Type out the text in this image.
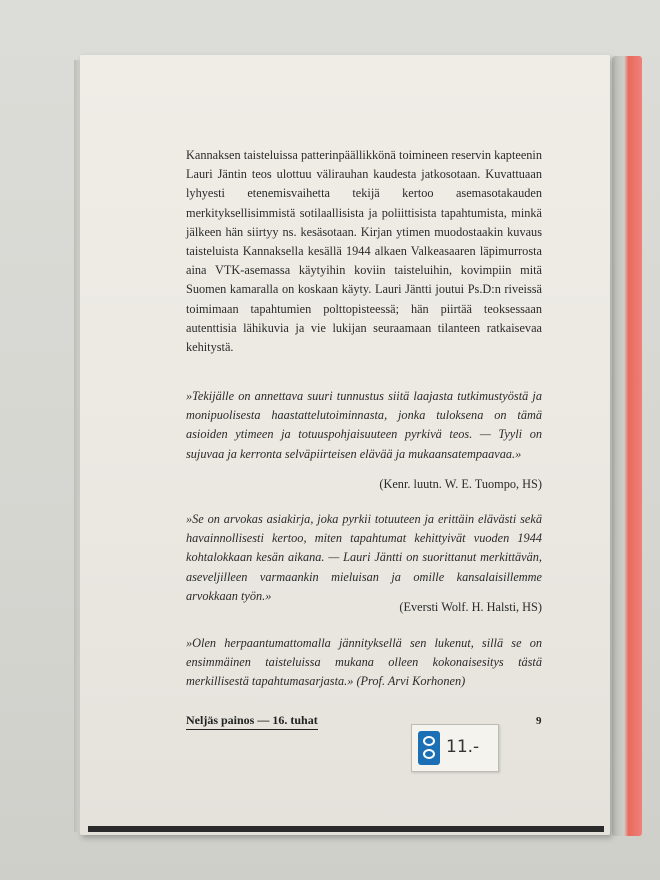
Kannaksen taisteluissa patterinpäällikkönä toimineen reservin kapteenin Lauri Jäntin teos ulottuu välirauhan kaudesta jatkosotaan. Kuvattuaan lyhyesti etenemisvaihetta tekijä kertoo asemasotakauden merkityksellisimmistä sotilaallisista ja poliittisista tapahtumista, minkä jälkeen hän siirtyy ns. kesäsotaan. Kirjan ytimen muodostaakin kuvaus taisteluista Kannaksella kesällä 1944 alkaen Valkeasaaren läpimurrosta aina VTK-asemassa käytyihin koviin taisteluihin, kovimpiin mitä Suomen kamaralla on koskaan käyty. Lauri Jäntti joutui Ps.D:n riveissä toimimaan tapahtumien polttopisteessä; hän piirtää teoksessaan autenttisia lähikuvia ja vie lukijan seuraamaan tilanteen ratkaisevaa kehitystä.
»Tekijälle on annettava suuri tunnustus siitä laajasta tutkimustyöstä ja monipuolisesta haastattelutoiminnasta, jonka tuloksena on tämä asioiden ytimeen ja totuuspohjaisuuteen pyrkivä teos. — Tyyli on sujuvaa ja kerronta selväpiirteisen elävää ja mukaansatempaavaa.»
(Kenr. luutn. W. E. Tuompo, HS)
»Se on arvokas asiakirja, joka pyrkii totuuteen ja erittäin elävästi sekä havainnollisesti kertoo, miten tapahtumat kehittyivät vuoden 1944 kohtalokkaan kesän aikana. — Lauri Jäntti on suorittanut merkittävän, aseveljilleen varmaankin mieluisan ja omille kansalaisillemme arvokkaan työn.»
(Eversti Wolf. H. Halsti, HS)
»Olen herpaantumattomalla jännityksellä sen lukenut, sillä se on ensimmäinen taisteluissa mukana olleen kokonaisesitys tästä merkillisestä tapahtumasarjasta.» (Prof. Arvi Korhonen)
Neljäs painos — 16. tuhat	9
11.-
